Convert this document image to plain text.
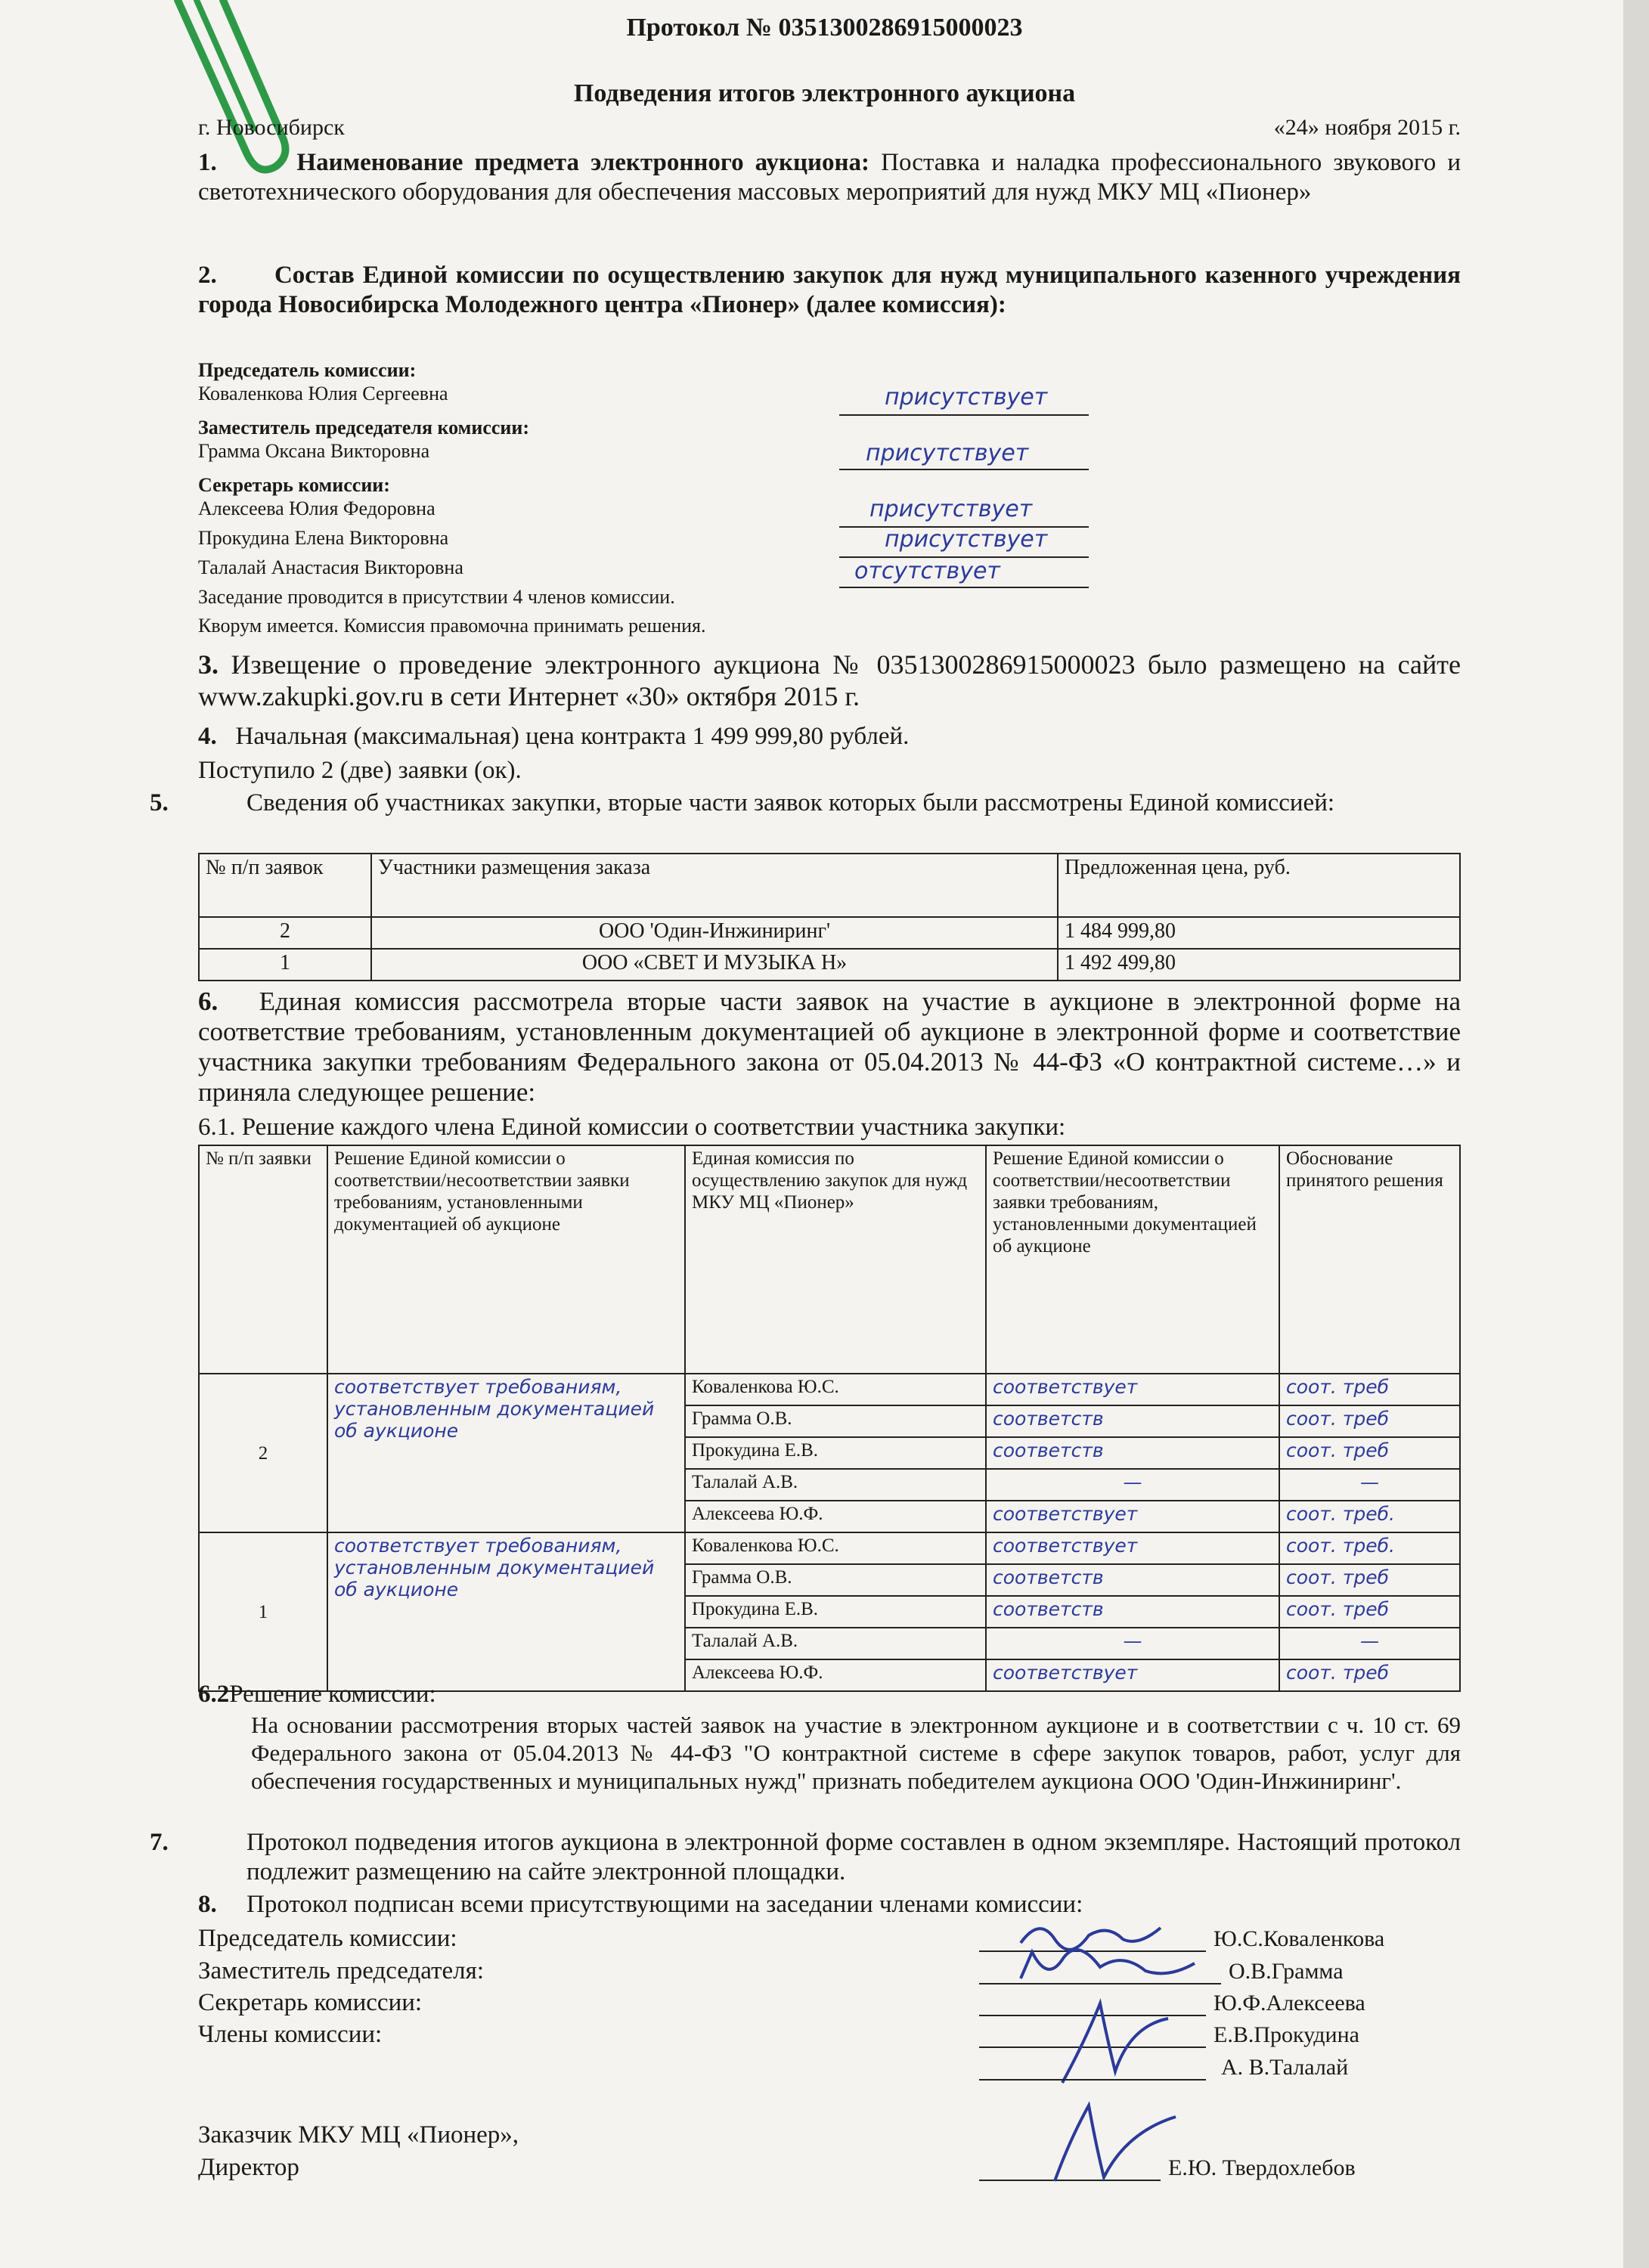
Протокол № 0351300286915000023
Подведения итогов электронного аукциона
г. Новосибирск	«24» ноября 2015 г.
1.	Наименование предмета электронного аукциона: Поставка и наладка профессионального звукового и светотехнического оборудования для обеспечения массовых мероприятий для нужд МКУ МЦ «Пионер»
2. Состав Единой комиссии по осуществлению закупок для нужд муниципального казенного учреждения города Новосибирска Молодежного центра «Пионер» (далее комиссия):
Председатель комиссии:
Коваленкова Юлия Сергеевна	присутствует
Заместитель председателя комиссии:
Грамма Оксана Викторовна	присутствует
Секретарь комиссии:
Алексеева Юлия Федоровна	присутствует
Прокудина Елена Викторовна	присутствует
Талалай Анастасия Викторовна	отсутствует
Заседание проводится в присутствии 4 членов комиссии.
Кворум имеется. Комиссия правомочна принимать решения.
3. Извещение о проведение электронного аукциона № 0351300286915000023 было размещено на сайте www.zakupki.gov.ru в сети Интернет «30» октября 2015 г.
4. Начальная (максимальная) цена контракта 1 499 999,80 рублей.
Поступило 2 (две) заявки (ок).
5.	Сведения об участниках закупки, вторые части заявок которых были рассмотрены Единой комиссией:
№ п/п заявок	Участники размещения заказа	Предложенная цена, руб.
2	ООО 'Один-Инжиниринг'	1 484 999,80
1	ООО «СВЕТ И МУЗЫКА Н»	1 492 499,80
6. Единая комиссия рассмотрела вторые части заявок на участие в аукционе в электронной форме на соответствие требованиям, установленным документацией об аукционе в электронной форме и соответствие участника закупки требованиям Федерального закона от 05.04.2013 № 44-ФЗ «О контрактной системе…» и приняла следующее решение:
6.1. Решение каждого члена Единой комиссии о соответствии участника закупки:
№ п/п заявки	Решение Единой комиссии о соответствии/несоответствии заявки требованиям, установленными документацией об аукционе	Единая комиссия по осуществлению закупок для нужд МКУ МЦ «Пионер»	Решение Единой комиссии о соответствии/несоответствии заявки требованиям, установленными документацией об аукционе	Обоснование принятого решения
2	соответствует требованиям, установленным документацией об аукционе	Коваленкова Ю.С.	соответствует	соот. треб
		Грамма О.В.	соответств	соот. треб
		Прокудина Е.В.	соответств	соот. треб
		Талалай А.В.	—	—
		Алексеева Ю.Ф.	соответствует	соот. треб.
1	соответствует требованиям, установленным документацией об аукционе	Коваленкова Ю.С.	соответствует	соот. треб.
		Грамма О.В.	соответств	соот. треб
		Прокудина Е.В.	соответств	соот. треб
		Талалай А.В.	—	—
		Алексеева Ю.Ф.	соответствует	соот. треб
6.2Решение комиссии:
На основании рассмотрения вторых частей заявок на участие в электронном аукционе и в соответствии с ч. 10 ст. 69 Федерального закона от 05.04.2013 № 44-ФЗ "О контрактной системе в сфере закупок товаров, работ, услуг для обеспечения государственных и муниципальных нужд" признать победителем аукциона ООО 'Один-Инжиниринг'.
7.	Протокол подведения итогов аукциона в электронной форме составлен в одном экземпляре. Настоящий протокол подлежит размещению на сайте электронной площадки.
8. Протокол подписан всеми присутствующими на заседании членами комиссии:
Председатель комиссии:	Ю.С.Коваленкова
Заместитель председателя:	О.В.Грамма
Секретарь комиссии:	Ю.Ф.Алексеева
Члены комиссии:	Е.В.Прокудина
А. В.Талалай
Заказчик МКУ МЦ «Пионер»,
Директор	Е.Ю. Твердохлебов
